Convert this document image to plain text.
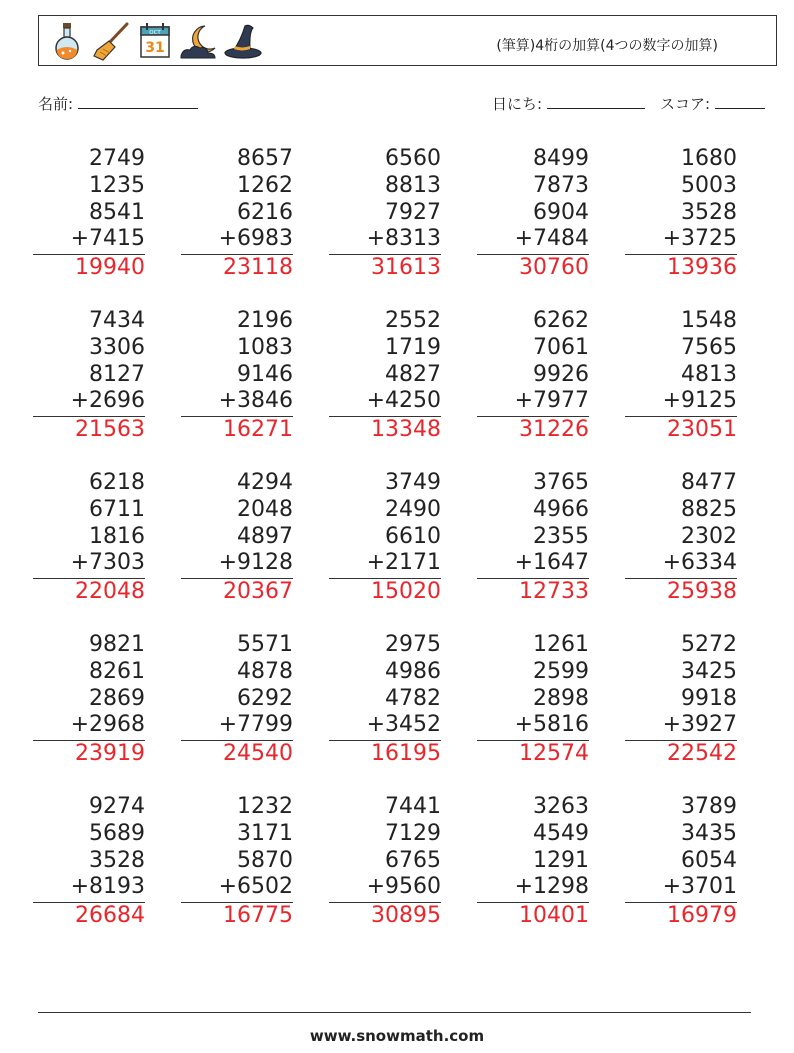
OCT
31	(筆算)4桁の加算(4つの数字の加算)
名前:	日にち:	スコア:
2749
1235
8541
+7415
19940
8657
1262
6216
+6983
23118
6560
8813
7927
+8313
31613
8499
7873
6904
+7484
30760
1680
5003
3528
+3725
13936
7434
3306
8127
+2696
21563
2196
1083
9146
+3846
16271
2552
1719
4827
+4250
13348
6262
7061
9926
+7977
31226
1548
7565
4813
+9125
23051
6218
6711
1816
+7303
22048
4294
2048
4897
+9128
20367
3749
2490
6610
+2171
15020
3765
4966
2355
+1647
12733
8477
8825
2302
+6334
25938
9821
8261
2869
+2968
23919
5571
4878
6292
+7799
24540
2975
4986
4782
+3452
16195
1261
2599
2898
+5816
12574
5272
3425
9918
+3927
22542
9274
5689
3528
+8193
26684
1232
3171
5870
+6502
16775
7441
7129
6765
+9560
30895
3263
4549
1291
+1298
10401
3789
3435
6054
+3701
16979
www.snowmath.com
